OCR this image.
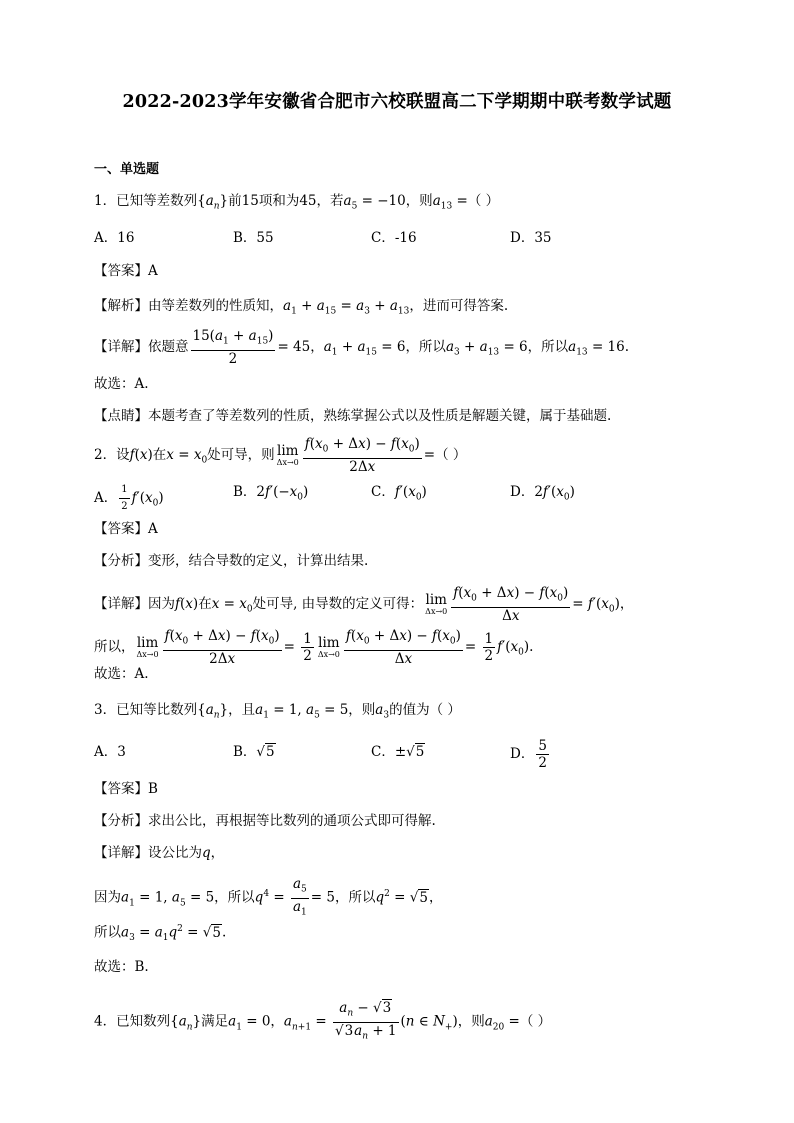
2022-2023学年安徽省合肥市六校联盟高二下学期期中联考数学试题
一、单选题
1．已知等差数列$\{a_n\}$前15项和为45，若$a_5 = -10$，则$a_{13}$ =（ ）
A．16	B．55	C．-16	D．35
【答案】A
【解析】由等差数列的性质知，$a_1 + a_{15} = a_3 + a_{13}$，进而可得答案.
【详解】依题意 $\frac{15(a_1 + a_{15})}{2} = 45$，$a_1 + a_{15} = 6$，所以$a_3 + a_{13} = 6$，所以$a_{13} = 16$.
故选：A.
【点睛】本题考查了等差数列的性质，熟练掌握公式以及性质是解题关键，属于基础题.
2．设f(x)在$x = x_0$处可导，则 lim
$\Delta x\to 0 \frac{f(x_0 + \Delta x) - f(x_0)}{2\Delta x}$ =（ ）
A． $\frac{1}{2} f'(x_0)$	B．$2f'(-x_0)$	C．$f'(x_0)$	D．$2f'(x_0)$
【答案】A
【分析】变形，结合导数的定义，计算出结果.
【详解】因为f(x)在$x = x_0$处可导, 由导数的定义可得： lim
$\Delta x\to 0 \frac{f(x_0 + \Delta x) - f(x_0)}{\Delta x} = f'(x_0)$，
所以， lim
$\Delta x\to 0 \frac{f(x_0 + \Delta x) - f(x_0)}{2\Delta x} = \frac{1}{2}$ lim
$\Delta x\to 0 \frac{f(x_0 + \Delta x) - f(x_0)}{\Delta x} = \frac{1}{2} f'(x_0)$.
故选：A.
3．已知等比数列$\{a_n\}$，且$a_1 = 1$, $a_5 = 5$，则$a_3$的值为（ ）
A．3	B．√5	C．±√5	D． $\frac{5}{2}$
【答案】B
【分析】求出公比，再根据等比数列的通项公式即可得解.
【详解】设公比为q，
因为$a_1 = 1$, $a_5 = 5$，所以$q^4 = \frac{a_5}{a_1} = 5$，所以$q^2 = √5$，
所以$a_3 = a_1q^2 = √5$.
故选：B.
4．已知数列$\{a_n\}$满足$a_1 = 0$，$a_{n+1} = \frac{a_n - √3}{√3a_n + 1} (n$ ∈ $N_+$)，则$a_{20}$ =（ ）
